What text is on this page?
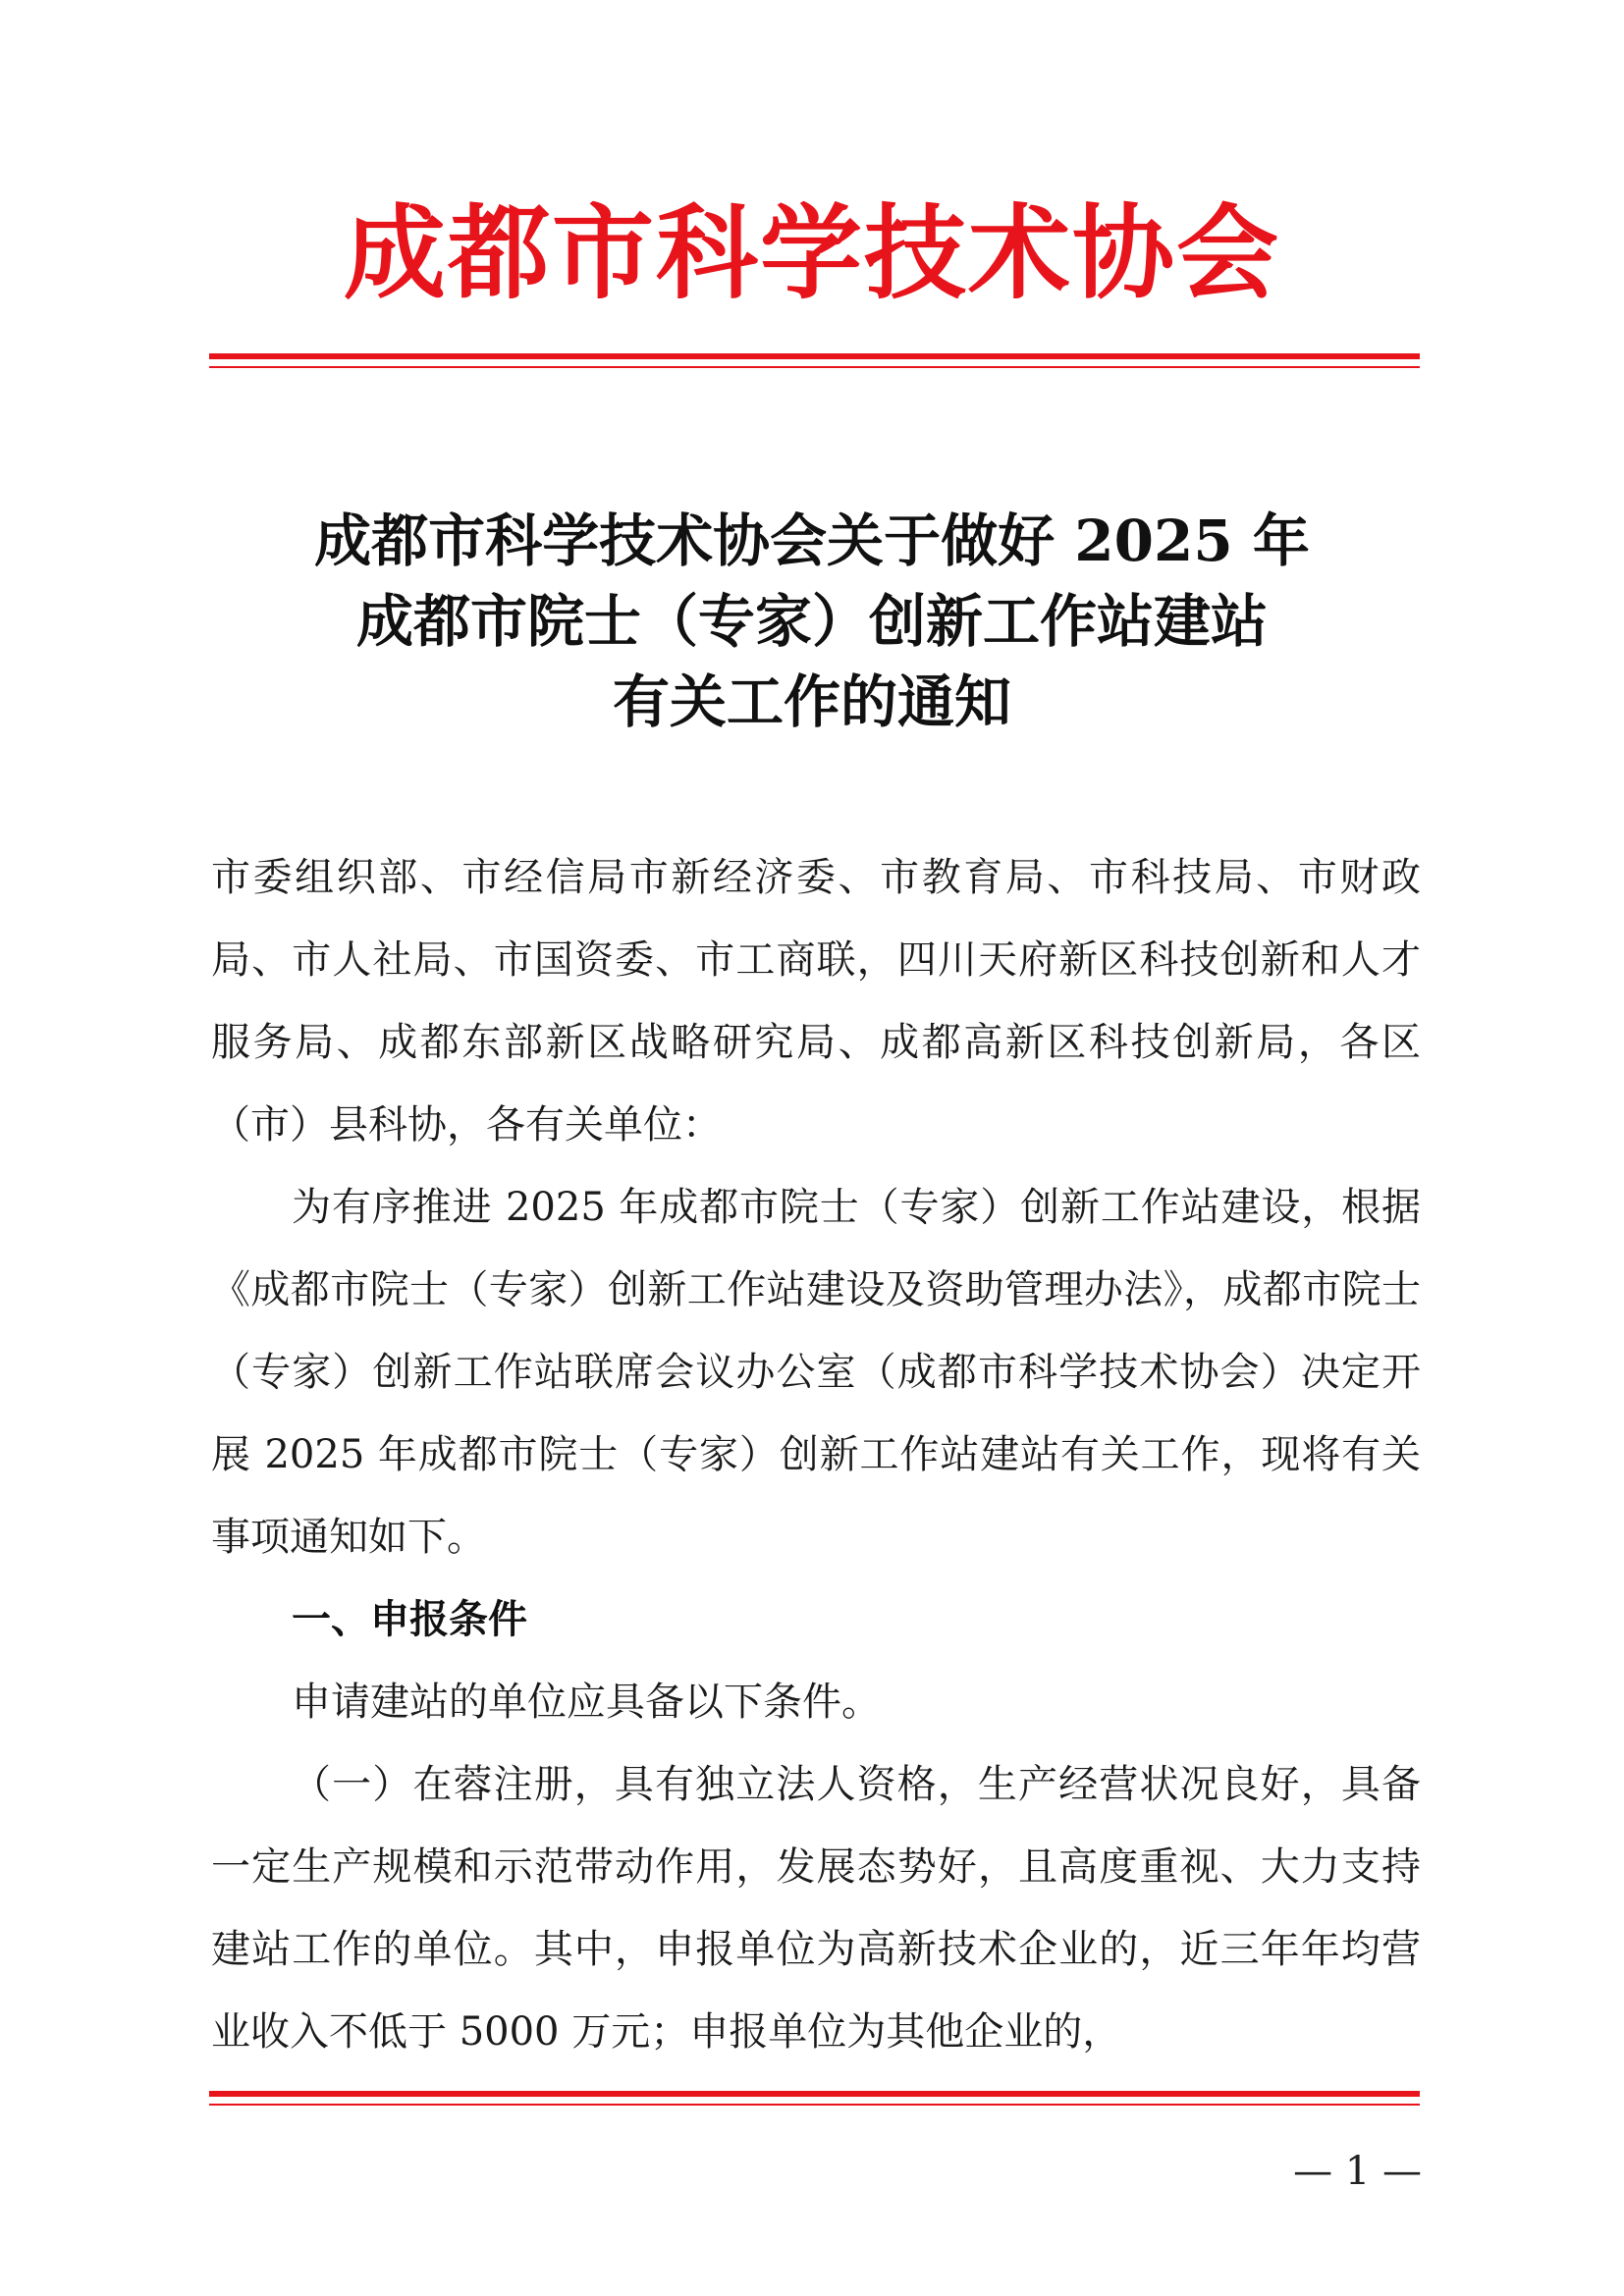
成都市科学技术协会
成都市科学技术协会关于做好 2025 年
成都市院士（专家）创新工作站建站
有关工作的通知

市委组织部、市经信局市新经济委、市教育局、市科技局、市财政局、市人社局、市国资委、市工商联，四川天府新区科技创新和人才服务局、成都东部新区战略研究局、成都高新区科技创新局，各区（市）县科协，各有关单位：

为有序推进 2025 年成都市院士（专家）创新工作站建设，根据《成都市院士（专家）创新工作站建设及资助管理办法》，成都市院士（专家）创新工作站联席会议办公室（成都市科学技术协会）决定开展 2025 年成都市院士（专家）创新工作站建站有关工作，现将有关事项通知如下。

一、申报条件

申请建站的单位应具备以下条件。

（一）在蓉注册，具有独立法人资格，生产经营状况良好，具备一定生产规模和示范带动作用，发展态势好，且高度重视、大力支持建站工作的单位。其中，申报单位为高新技术企业的，近三年年均营业收入不低于 5000 万元；申报单位为其他企业的，

— 1 —
